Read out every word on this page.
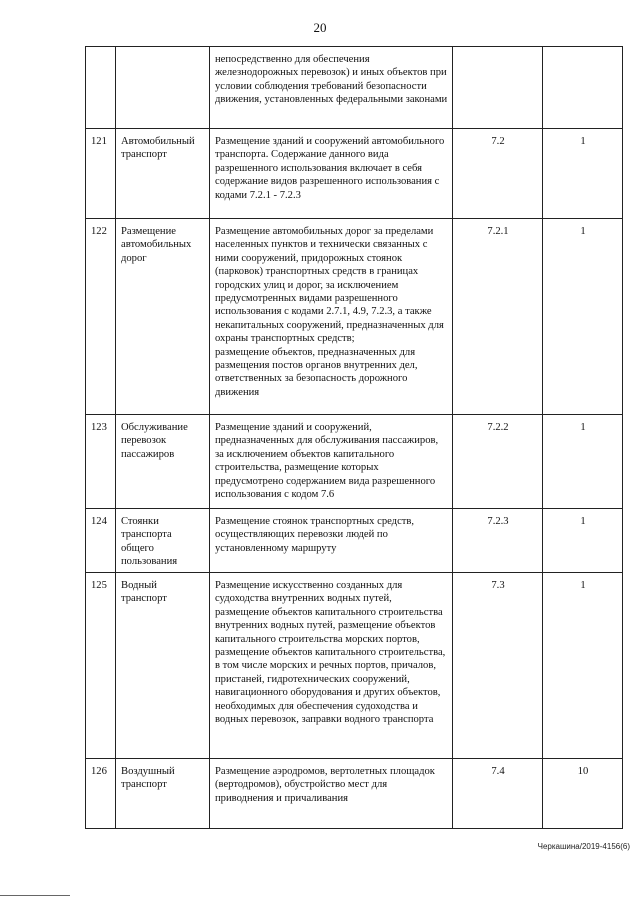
20
		непосредственно для обеспечения железнодорожных перевозок) и иных объектов при условии соблюдения требований безопасности движения, установленных федеральными законами		
121	Автомобильный транспорт	Размещение зданий и сооружений автомобильного транспорта. Содержание данного вида разрешенного использования включает в себя содержание видов разрешенного использования с кодами 7.2.1 - 7.2.3	7.2	1
122	Размещение автомобильных дорог	Размещение автомобильных дорог за пределами населенных пунктов и технически связанных с ними сооружений, придорожных стоянок (парковок) транспортных средств в границах городских улиц и дорог, за исключением предусмотренных видами разрешенного использования с кодами 2.7.1, 4.9, 7.2.3, а также некапитальных сооружений, предназначенных для охраны транспортных средств;
размещение объектов, предназначенных для размещения постов органов внутренних дел, ответственных за безопасность дорожного движения	7.2.1	1
123	Обслуживание перевозок пассажиров	Размещение зданий и сооружений, предназначенных для обслуживания пассажиров, за исключением объектов капитального строительства, размещение которых предусмотрено содержанием вида разрешенного использования с кодом 7.6	7.2.2	1
124	Стоянки транспорта общего пользования	Размещение стоянок транспортных средств, осуществляющих перевозки людей по установленному маршруту	7.2.3	1
125	Водный транспорт	Размещение искусственно созданных для судоходства внутренних водных путей, размещение объектов капитального строительства внутренних водных путей, размещение объектов капитального строительства морских портов, размещение объектов капитального строительства, в том числе морских и речных портов, причалов, пристаней, гидротехнических сооружений, навигационного оборудования и других объектов, необходимых для обеспечения судоходства и водных перевозок, заправки водного транспорта	7.3	1
126	Воздушный транспорт	Размещение аэродромов, вертолетных площадок (вертодромов), обустройство мест для приводнения и причаливания	7.4	10
Черкашина/2019-4156(6)
